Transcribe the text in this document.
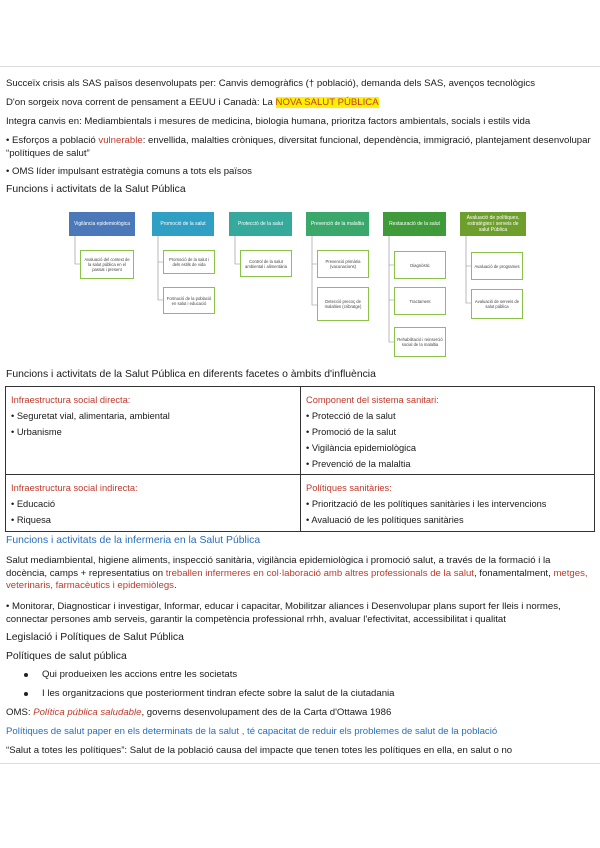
Succeïx crisis als SAS països desenvolupats per: Canvis demogràfics († població), demanda dels SAS, avenços tecnològics
D'on sorgeix nova corrent de pensament a EEUU i Canadà: La NOVA SALUT PÚBLICA
Integra canvis en: Mediambientals i mesures de medicina, biologia humana, prioritza factors ambientals, socials i estils vida
• Esforços a població vulnerable: envellida, malalties cròniques, diversitat funcional, dependència, immigració, plantejament desenvolupar “polítiques de salut”
• OMS líder impulsant estratègia comuns a tots els països
Funcions i activitats de la Salut Pública
Vigilància epidemiològica	Promoció de la salut	Protecció de la salut	Prevenció de la malaltia	Restauració de la salut
Avaluació de polítiques, estratègies i serveis de salut Pública
Avaluació del context de la salut pública en el passat i present
Promoció de la salut i dels estils de vida
Formació de la població en salut i educació
Control de la salut ambiental i alimentària
Prevenció primària (vacunacions)
Detecció precoç de malalties (cribratge)
Diagnòstic
Tractament
Rehabilitació i reinserció social de la malaltia
Avaluació de programes
Avaluació de serveis de salut pública
Funcions i activitats de la Salut Pública en diferents facetes o àmbits d'influència
Infraestructura social directa:
• Seguretat vial, alimentaria, ambiental
• Urbanisme
Component del sistema sanitari:
• Protecció de la salut
• Promoció de la salut
• Vigilància epidemiològica
• Prevenció de la malaltia
Infraestructura social indirecta:
• Educació
• Riquesa
Polítiques sanitàries:
• Priorització de les polítiques sanitàries i les intervencions
• Avaluació de les polítiques sanitàries
Funcions i activitats de la infermeria en la Salut Pública
Salut mediambiental, higiene aliments, inspecció sanitària, vigilància epidemiològica i promoció salut, a través de la formació i la docència, camps + representatius on treballen infermeres en col·laboració amb altres professionals de la salut, fonamentalment, metges, veterinaris, farmacèutics i epidemiòlegs.
• Monitorar, Diagnosticar i investigar, Informar, educar i capacitar, Mobilitzar aliances i Desenvolupar plans suport fer lleis i normes, connectar persones amb serveis, garantir la competència professional rrhh, avaluar l'efectivitat, accessibilitat i qualitat
Legislació i Polítiques de Salut Pública
Polítiques de salut pública
Qui produeixen les accions entre les societats
I les organitzacions que posteriorment tindran efecte sobre la salut de la ciutadania
OMS: Política pública saludable, governs desenvolupament des de la Carta d'Ottawa 1986
Polítiques de salut paper en els determinats de la salut , té capacitat de reduir els problemes de salut de la població
“Salut a totes les polítiques”: Salut de la població causa del impacte que tenen totes les polítiques en ella, en salut o no
